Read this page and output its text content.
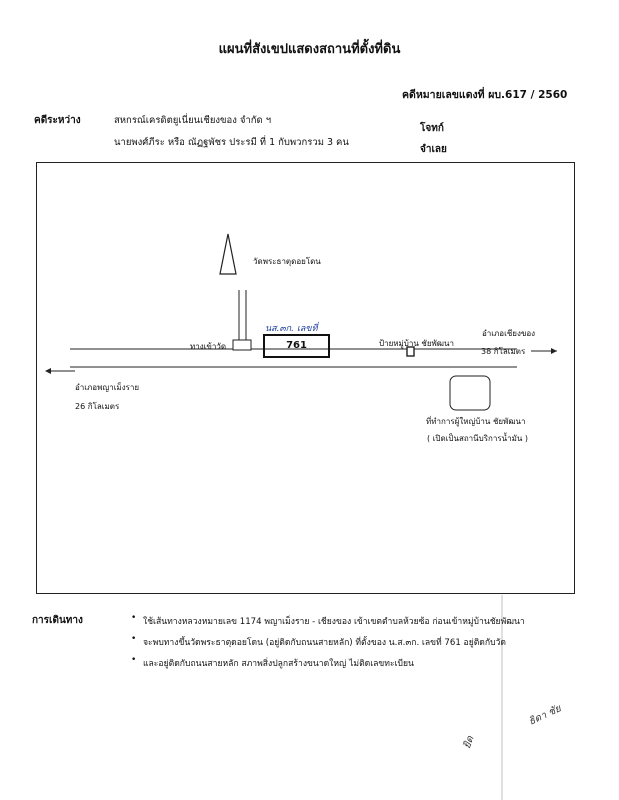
แผนที่สังเขปแสดงสถานที่ตั้งที่ดิน
คดีหมายเลขแดงที่ ผบ.617 / 2560
คดีระหว่าง	สหกรณ์เครดิตยูเนี่ยนเชียงของ จำกัด ฯ
โจทก์
นายพงศ์ภีระ หรือ ณัฏฐพัชร ประรมี ที่ 1 กับพวกรวม 3 คน
จำเลย
วัดพระธาตุดอยโดน
ทางเข้าวัด
นส.๓ก. เลขที่
761	ป้ายหมู่บ้าน ชัยพัฒนา
อำเภอเชียงของ
38 กิโลเมตร
อำเภอพญาเม็งราย
26 กิโลเมตร
ที่ทำการผู้ใหญ่บ้าน ชัยพัฒนา
( เปิดเป็นสถานีบริการน้ำมัน )
การเดินทาง	• ใช้เส้นทางหลวงหมายเลข 1174 พญาเม็งราย - เชียงของ เข้าเขตตำบลห้วยซ้อ ก่อนเข้าหมู่บ้านชัยพัฒนา
• จะพบทางขึ้นวัดพระธาตุดอยโดน (อยู่ติดกับถนนสายหลัก) ที่ตั้งของ น.ส.๓ก. เลขที่ 761 อยู่ติดกับวัด
• และอยู่ติดกับถนนสายหลัก สภาพสิ่งปลูกสร้างขนาดใหญ่ ไม่ติดเลขทะเบียน
ยิด
ธิดา ชัย
